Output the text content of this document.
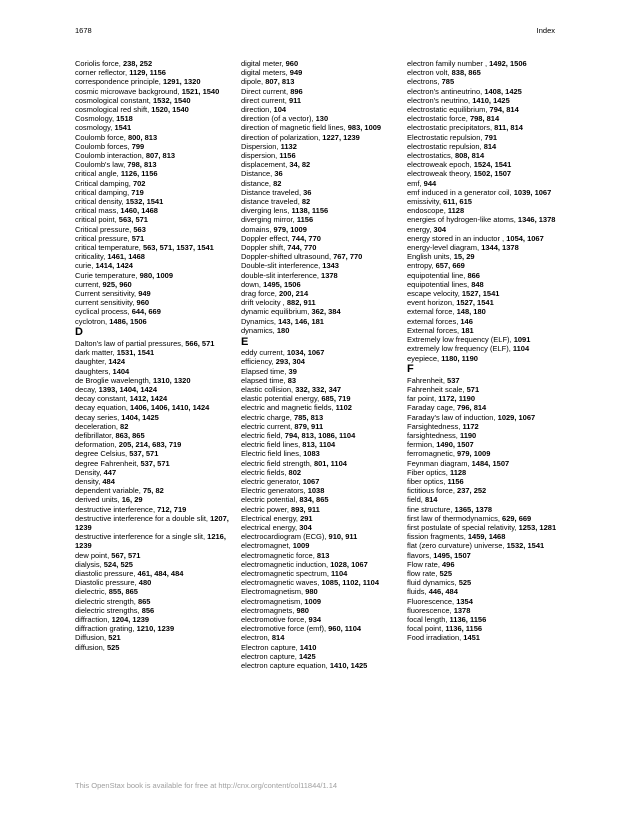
1678	Index
Coriolis force, 238, 252
corner reflector, 1129, 1156
correspondence principle, 1291, 1320
cosmic microwave background, 1521, 1540
cosmological constant, 1532, 1540
cosmological red shift, 1520, 1540
Cosmology, 1518
cosmology, 1541
Coulomb force, 800, 813
Coulomb forces, 799
Coulomb interaction, 807, 813
Coulomb's law, 798, 813
critical angle, 1126, 1156
Critical damping, 702
critical damping, 719
critical density, 1532, 1541
critical mass, 1460, 1468
critical point, 563, 571
Critical pressure, 563
critical pressure, 571
critical temperature, 563, 571, 1537, 1541
criticality, 1461, 1468
curie, 1414, 1424
Curie temperature, 980, 1009
current, 925, 960
Current sensitivity, 949
current sensitivity, 960
cyclical process, 644, 669
cyclotron, 1486, 1506
D
Dalton's law of partial pressures, 566, 571
dark matter, 1531, 1541
daughter, 1424
daughters, 1404
de Broglie wavelength, 1310, 1320
decay, 1393, 1404, 1424
decay constant, 1412, 1424
decay equation, 1406, 1406, 1410, 1424
decay series, 1404, 1425
deceleration, 82
defibrillator, 863, 865
deformation, 205, 214, 683, 719
degree Celsius, 537, 571
degree Fahrenheit, 537, 571
Density, 447
density, 484
dependent variable, 75, 82
derived units, 16, 29
destructive interference, 712, 719
destructive interference for a double slit, 1207, 1239
destructive interference for a single slit, 1216, 1239
dew point, 567, 571
dialysis, 524, 525
diastolic pressure, 461, 484, 484
Diastolic pressure, 480
dielectric, 855, 865
dielectric strength, 865
dielectric strengths, 856
diffraction, 1204, 1239
diffraction grating, 1210, 1239
Diffusion, 521
diffusion, 525
digital meter, 960
digital meters, 949
dipole, 807, 813
Direct current, 896
direct current, 911
direction, 104
direction (of a vector), 130
direction of magnetic field lines, 983, 1009
direction of polarization, 1227, 1239
Dispersion, 1132
dispersion, 1156
displacement, 34, 82
Distance, 36
distance, 82
Distance traveled, 36
distance traveled, 82
diverging lens, 1138, 1156
diverging mirror, 1156
domains, 979, 1009
Doppler effect, 744, 770
Doppler shift, 744, 770
Doppler-shifted ultrasound, 767, 770
Double-slit interference, 1343
double-slit interference, 1378
down, 1495, 1506
drag force, 200, 214
drift velocity , 882, 911
dynamic equilibrium, 362, 384
Dynamics, 143, 146, 181
dynamics, 180
E
eddy current, 1034, 1067
efficiency, 293, 304
Elapsed time, 39
elapsed time, 83
elastic collision, 332, 332, 347
elastic potential energy, 685, 719
electric and magnetic fields, 1102
electric charge, 785, 813
electric current, 879, 911
electric field, 794, 813, 1086, 1104
electric field lines, 813, 1104
Electric field lines, 1083
electric field strength, 801, 1104
electric fields, 802
electric generator, 1067
Electric generators, 1038
electric potential, 834, 865
electric power, 893, 911
Electrical energy, 291
electrical energy, 304
electrocardiogram (ECG), 910, 911
electromagnet, 1009
electromagnetic force, 813
electromagnetic induction, 1028, 1067
electromagnetic spectrum, 1104
electromagnetic waves, 1085, 1102, 1104
Electromagnetism, 980
electromagnetism, 1009
electromagnets, 980
electromotive force, 934
electromotive force (emf), 960, 1104
electron, 814
Electron capture, 1410
electron capture, 1425
electron capture equation, 1410, 1425
electron family number , 1492, 1506
electron volt, 838, 865
electrons, 785
electron's antineutrino, 1408, 1425
electron's neutrino, 1410, 1425
electrostatic equilibrium, 794, 814
electrostatic force, 798, 814
electrostatic precipitators, 811, 814
Electrostatic repulsion, 791
electrostatic repulsion, 814
electrostatics, 808, 814
electroweak epoch, 1524, 1541
electroweak theory, 1502, 1507
emf, 944
emf induced in a generator coil, 1039, 1067
emissivity, 611, 615
endoscope, 1128
energies of hydrogen-like atoms, 1346, 1378
energy, 304
energy stored in an inductor , 1054, 1067
energy-level diagram, 1344, 1378
English units, 15, 29
entropy, 657, 669
equipotential line, 866
equipotential lines, 848
escape velocity, 1527, 1541
event horizon, 1527, 1541
external force, 148, 180
external forces, 146
External forces, 181
Extremely low frequency (ELF), 1091
extremely low frequency (ELF), 1104
eyepiece, 1180, 1190
F
Fahrenheit, 537
Fahrenheit scale, 571
far point, 1172, 1190
Faraday cage, 796, 814
Faraday's law of induction, 1029, 1067
Farsightedness, 1172
farsightedness, 1190
fermion, 1490, 1507
ferromagnetic, 979, 1009
Feynman diagram, 1484, 1507
Fiber optics, 1128
fiber optics, 1156
fictitious force, 237, 252
field, 814
fine structure, 1365, 1378
first law of thermodynamics, 629, 669
first postulate of special relativity, 1253, 1281
fission fragments, 1459, 1468
flat (zero curvature) universe, 1532, 1541
flavors, 1495, 1507
Flow rate, 496
flow rate, 525
fluid dynamics, 525
fluids, 446, 484
Fluorescence, 1354
fluorescence, 1378
focal length, 1136, 1156
focal point, 1136, 1156
Food irradiation, 1451
This OpenStax book is available for free at http://cnx.org/content/col11844/1.14
